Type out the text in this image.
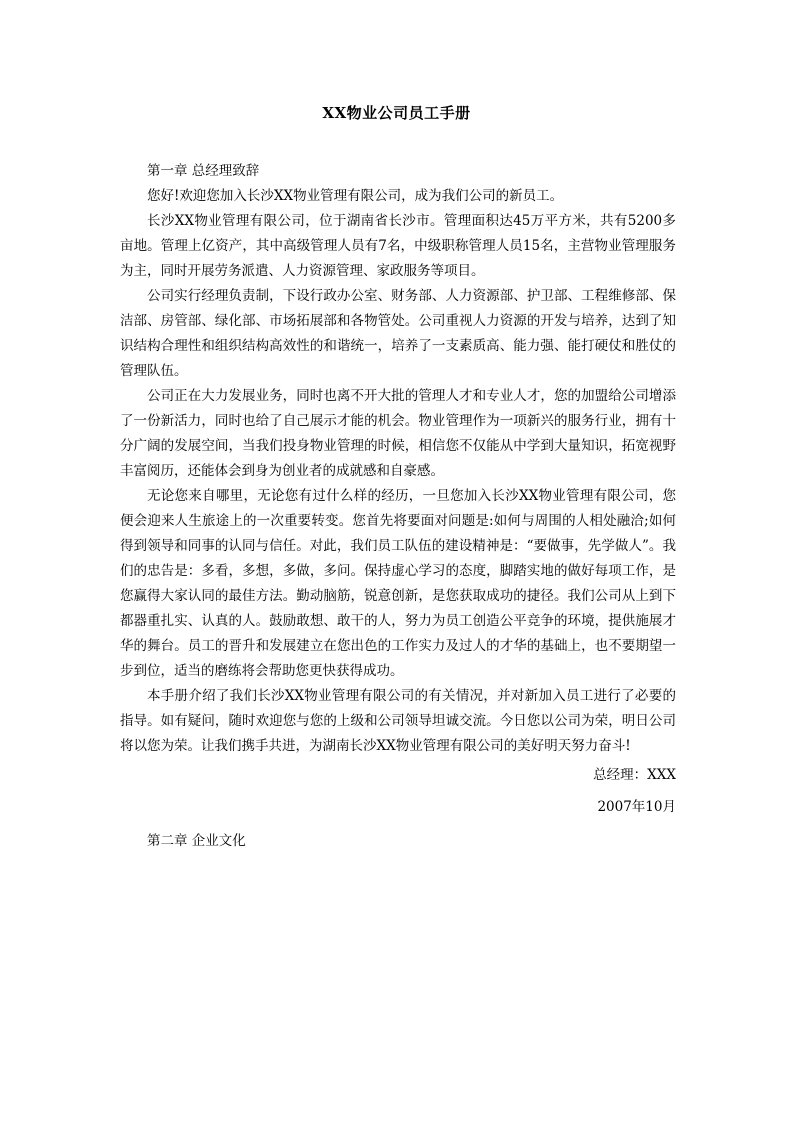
XX物业公司员工手册

第一章 总经理致辞

您好!欢迎您加入长沙XX物业管理有限公司，成为我们公司的新员工。

长沙XX物业管理有限公司，位于湖南省长沙市。管理面积达45万平方米，共有5200多亩地。管理上亿资产，其中高级管理人员有7名，中级职称管理人员15名，主营物业管理服务为主，同时开展劳务派遣、人力资源管理、家政服务等项目。

公司实行经理负责制，下设行政办公室、财务部、人力资源部、护卫部、工程维修部、保洁部、房管部、绿化部、市场拓展部和各物管处。公司重视人力资源的开发与培养，达到了知识结构合理性和组织结构高效性的和谐统一，培养了一支素质高、能力强、能打硬仗和胜仗的管理队伍。

公司正在大力发展业务，同时也离不开大批的管理人才和专业人才，您的加盟给公司增添了一份新活力，同时也给了自己展示才能的机会。物业管理作为一项新兴的服务行业，拥有十分广阔的发展空间，当我们投身物业管理的时候，相信您不仅能从中学到大量知识，拓宽视野丰富阅历，还能体会到身为创业者的成就感和自豪感。

无论您来自哪里，无论您有过什么样的经历，一旦您加入长沙XX物业管理有限公司，您便会迎来人生旅途上的一次重要转变。您首先将要面对问题是:如何与周围的人相处融洽;如何得到领导和同事的认同与信任。对此，我们员工队伍的建设精神是：“要做事，先学做人”。我们的忠告是：多看，多想，多做，多问。保持虚心学习的态度，脚踏实地的做好每项工作，是您赢得大家认同的最佳方法。勤动脑筋，锐意创新，是您获取成功的捷径。我们公司从上到下都器重扎实、认真的人。鼓励敢想、敢干的人，努力为员工创造公平竞争的环境，提供施展才华的舞台。员工的晋升和发展建立在您出色的工作实力及过人的才华的基础上，也不要期望一步到位，适当的磨练将会帮助您更快获得成功。

本手册介绍了我们长沙XX物业管理有限公司的有关情况，并对新加入员工进行了必要的指导。如有疑问，随时欢迎您与您的上级和公司领导坦诚交流。今日您以公司为荣，明日公司将以您为荣。让我们携手共进，为湖南长沙XX物业管理有限公司的美好明天努力奋斗!

总经理：XXX

2007年10月

第二章 企业文化
